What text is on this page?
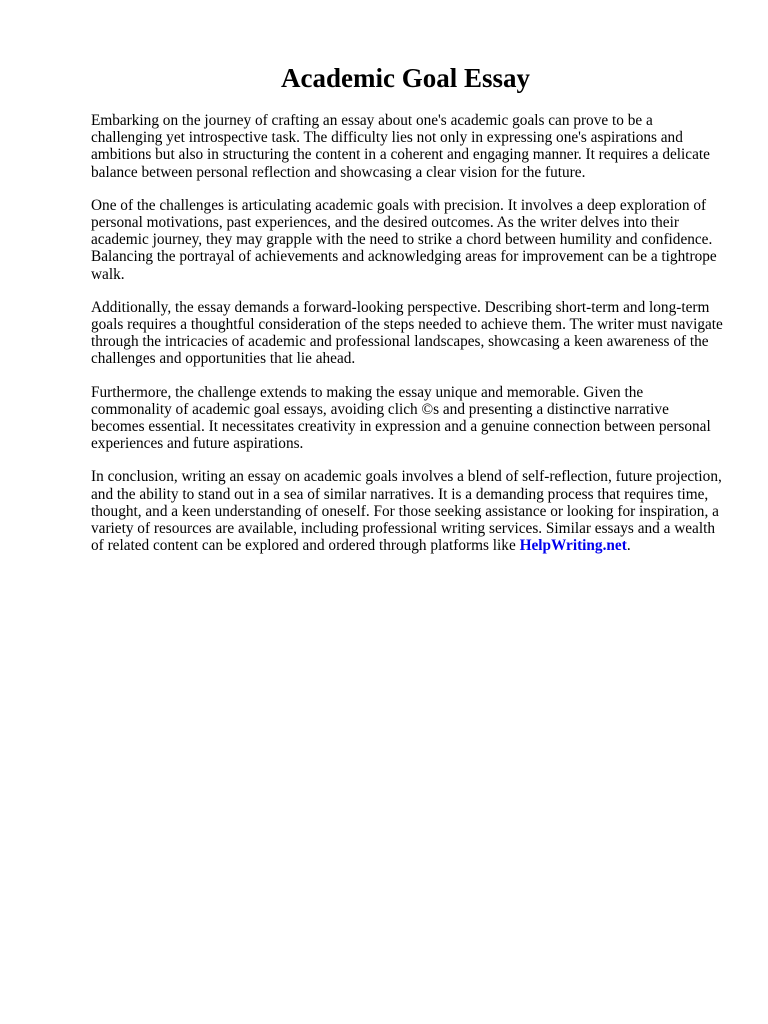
Academic Goal Essay

Embarking on the journey of crafting an essay about one's academic goals can prove to be a challenging yet introspective task. The difficulty lies not only in expressing one's aspirations and ambitions but also in structuring the content in a coherent and engaging manner. It requires a delicate balance between personal reflection and showcasing a clear vision for the future.

One of the challenges is articulating academic goals with precision. It involves a deep exploration of personal motivations, past experiences, and the desired outcomes. As the writer delves into their academic journey, they may grapple with the need to strike a chord between humility and confidence. Balancing the portrayal of achievements and acknowledging areas for improvement can be a tightrope walk.

Additionally, the essay demands a forward-looking perspective. Describing short-term and long-term goals requires a thoughtful consideration of the steps needed to achieve them. The writer must navigate through the intricacies of academic and professional landscapes, showcasing a keen awareness of the challenges and opportunities that lie ahead.

Furthermore, the challenge extends to making the essay unique and memorable. Given the commonality of academic goal essays, avoiding clich ©s and presenting a distinctive narrative becomes essential. It necessitates creativity in expression and a genuine connection between personal experiences and future aspirations.

In conclusion, writing an essay on academic goals involves a blend of self-reflection, future projection, and the ability to stand out in a sea of similar narratives. It is a demanding process that requires time, thought, and a keen understanding of oneself. For those seeking assistance or looking for inspiration, a variety of resources are available, including professional writing services. Similar essays and a wealth of related content can be explored and ordered through platforms like HelpWriting.net.
